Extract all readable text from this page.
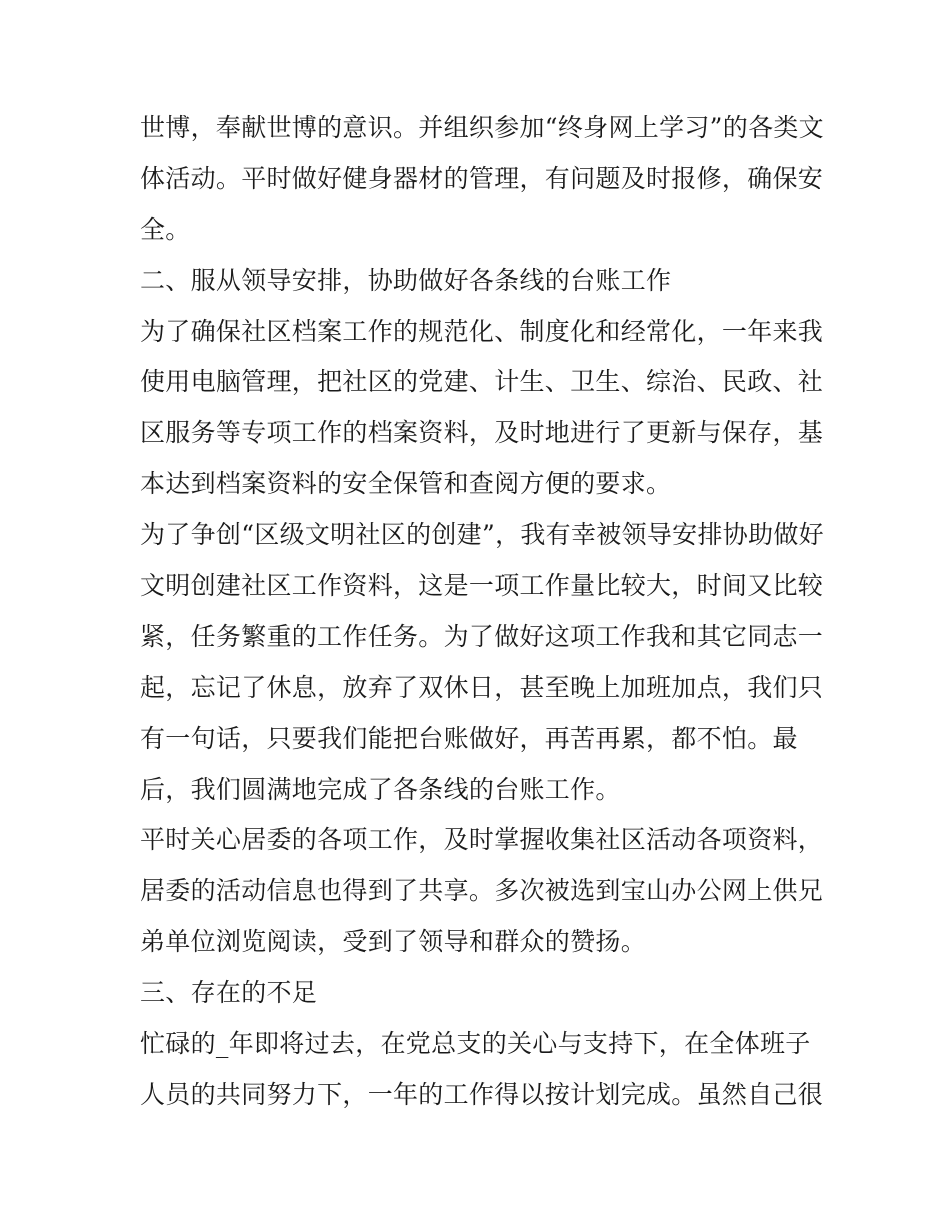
世博，奉献世博的意识。并组织参加“终身网上学习”的各类文
体活动。平时做好健身器材的管理，有问题及时报修，确保安
全。
二、服从领导安排，协助做好各条线的台账工作
为了确保社区档案工作的规范化、制度化和经常化，一年来我
使用电脑管理，把社区的党建、计生、卫生、综治、民政、社
区服务等专项工作的档案资料，及时地进行了更新与保存，基
本达到档案资料的安全保管和查阅方便的要求。
为了争创“区级文明社区的创建”，我有幸被领导安排协助做好
文明创建社区工作资料，这是一项工作量比较大，时间又比较
紧，任务繁重的工作任务。为了做好这项工作我和其它同志一
起，忘记了休息，放弃了双休日，甚至晚上加班加点，我们只
有一句话，只要我们能把台账做好，再苦再累，都不怕。最
后，我们圆满地完成了各条线的台账工作。
平时关心居委的各项工作，及时掌握收集社区活动各项资料，
居委的活动信息也得到了共享。多次被选到宝山办公网上供兄
弟单位浏览阅读，受到了领导和群众的赞扬。
三、存在的不足
忙碌的_年即将过去，在党总支的关心与支持下，在全体班子
人员的共同努力下，一年的工作得以按计划完成。虽然自己很
